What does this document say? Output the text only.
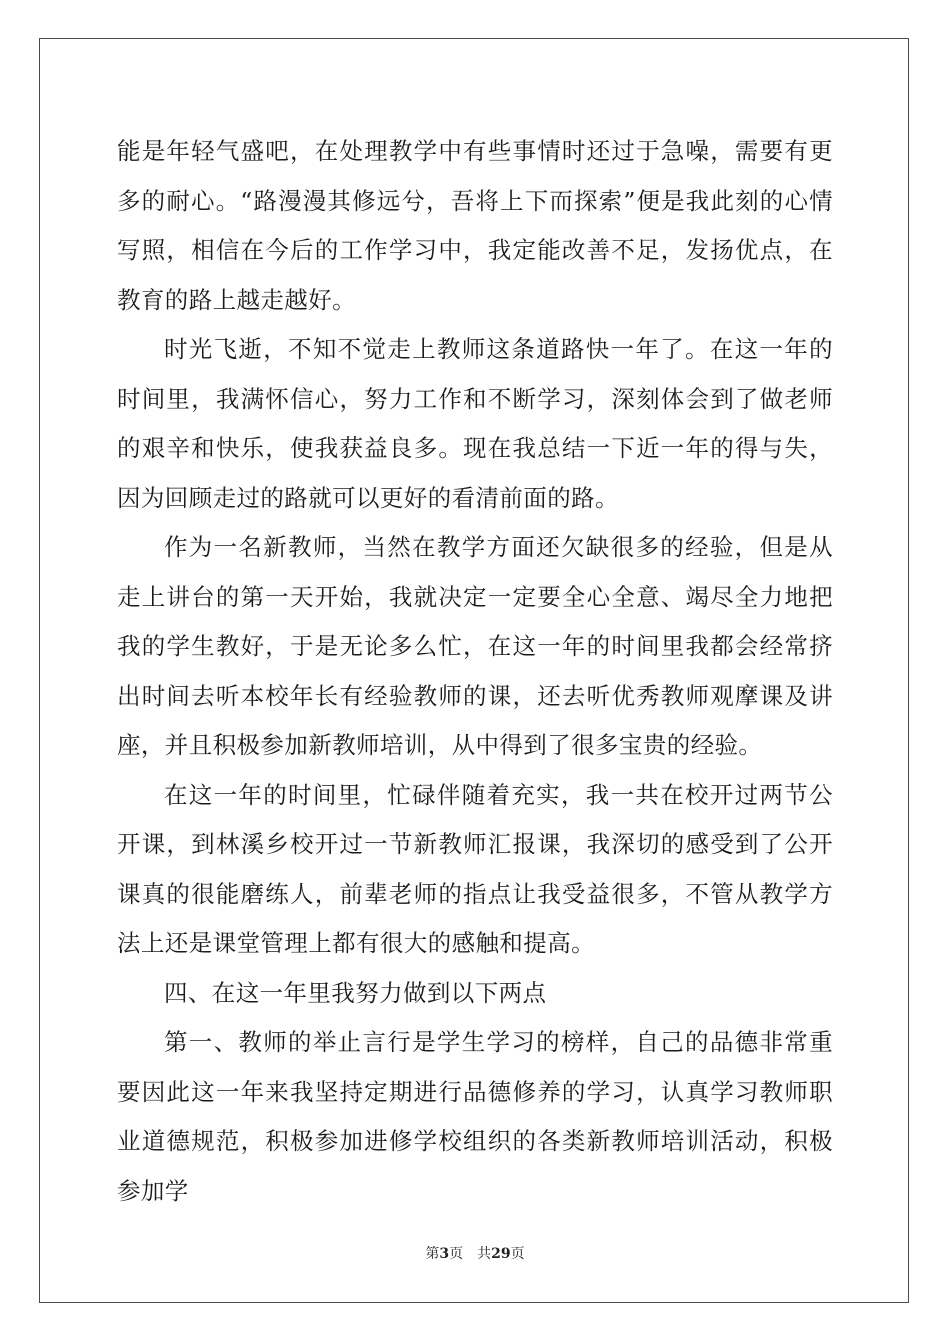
能是年轻气盛吧，在处理教学中有些事情时还过于急噪，需要有更多的耐心。“路漫漫其修远兮，吾将上下而探索”便是我此刻的心情写照，相信在今后的工作学习中，我定能改善不足，发扬优点，在教育的路上越走越好。

时光飞逝，不知不觉走上教师这条道路快一年了。在这一年的时间里，我满怀信心，努力工作和不断学习，深刻体会到了做老师的艰辛和快乐，使我获益良多。现在我总结一下近一年的得与失，因为回顾走过的路就可以更好的看清前面的路。

作为一名新教师，当然在教学方面还欠缺很多的经验，但是从走上讲台的第一天开始，我就决定一定要全心全意、竭尽全力地把我的学生教好，于是无论多么忙，在这一年的时间里我都会经常挤出时间去听本校年长有经验教师的课，还去听优秀教师观摩课及讲座，并且积极参加新教师培训，从中得到了很多宝贵的经验。

在这一年的时间里，忙碌伴随着充实，我一共在校开过两节公开课，到林溪乡校开过一节新教师汇报课，我深切的感受到了公开课真的很能磨练人，前辈老师的指点让我受益很多，不管从教学方法上还是课堂管理上都有很大的感触和提高。

四、在这一年里我努力做到以下两点

第一、教师的举止言行是学生学习的榜样，自己的品德非常重要因此这一年来我坚持定期进行品德修养的学习，认真学习教师职业道德规范，积极参加进修学校组织的各类新教师培训活动，积极参加学

第3页 共29页
